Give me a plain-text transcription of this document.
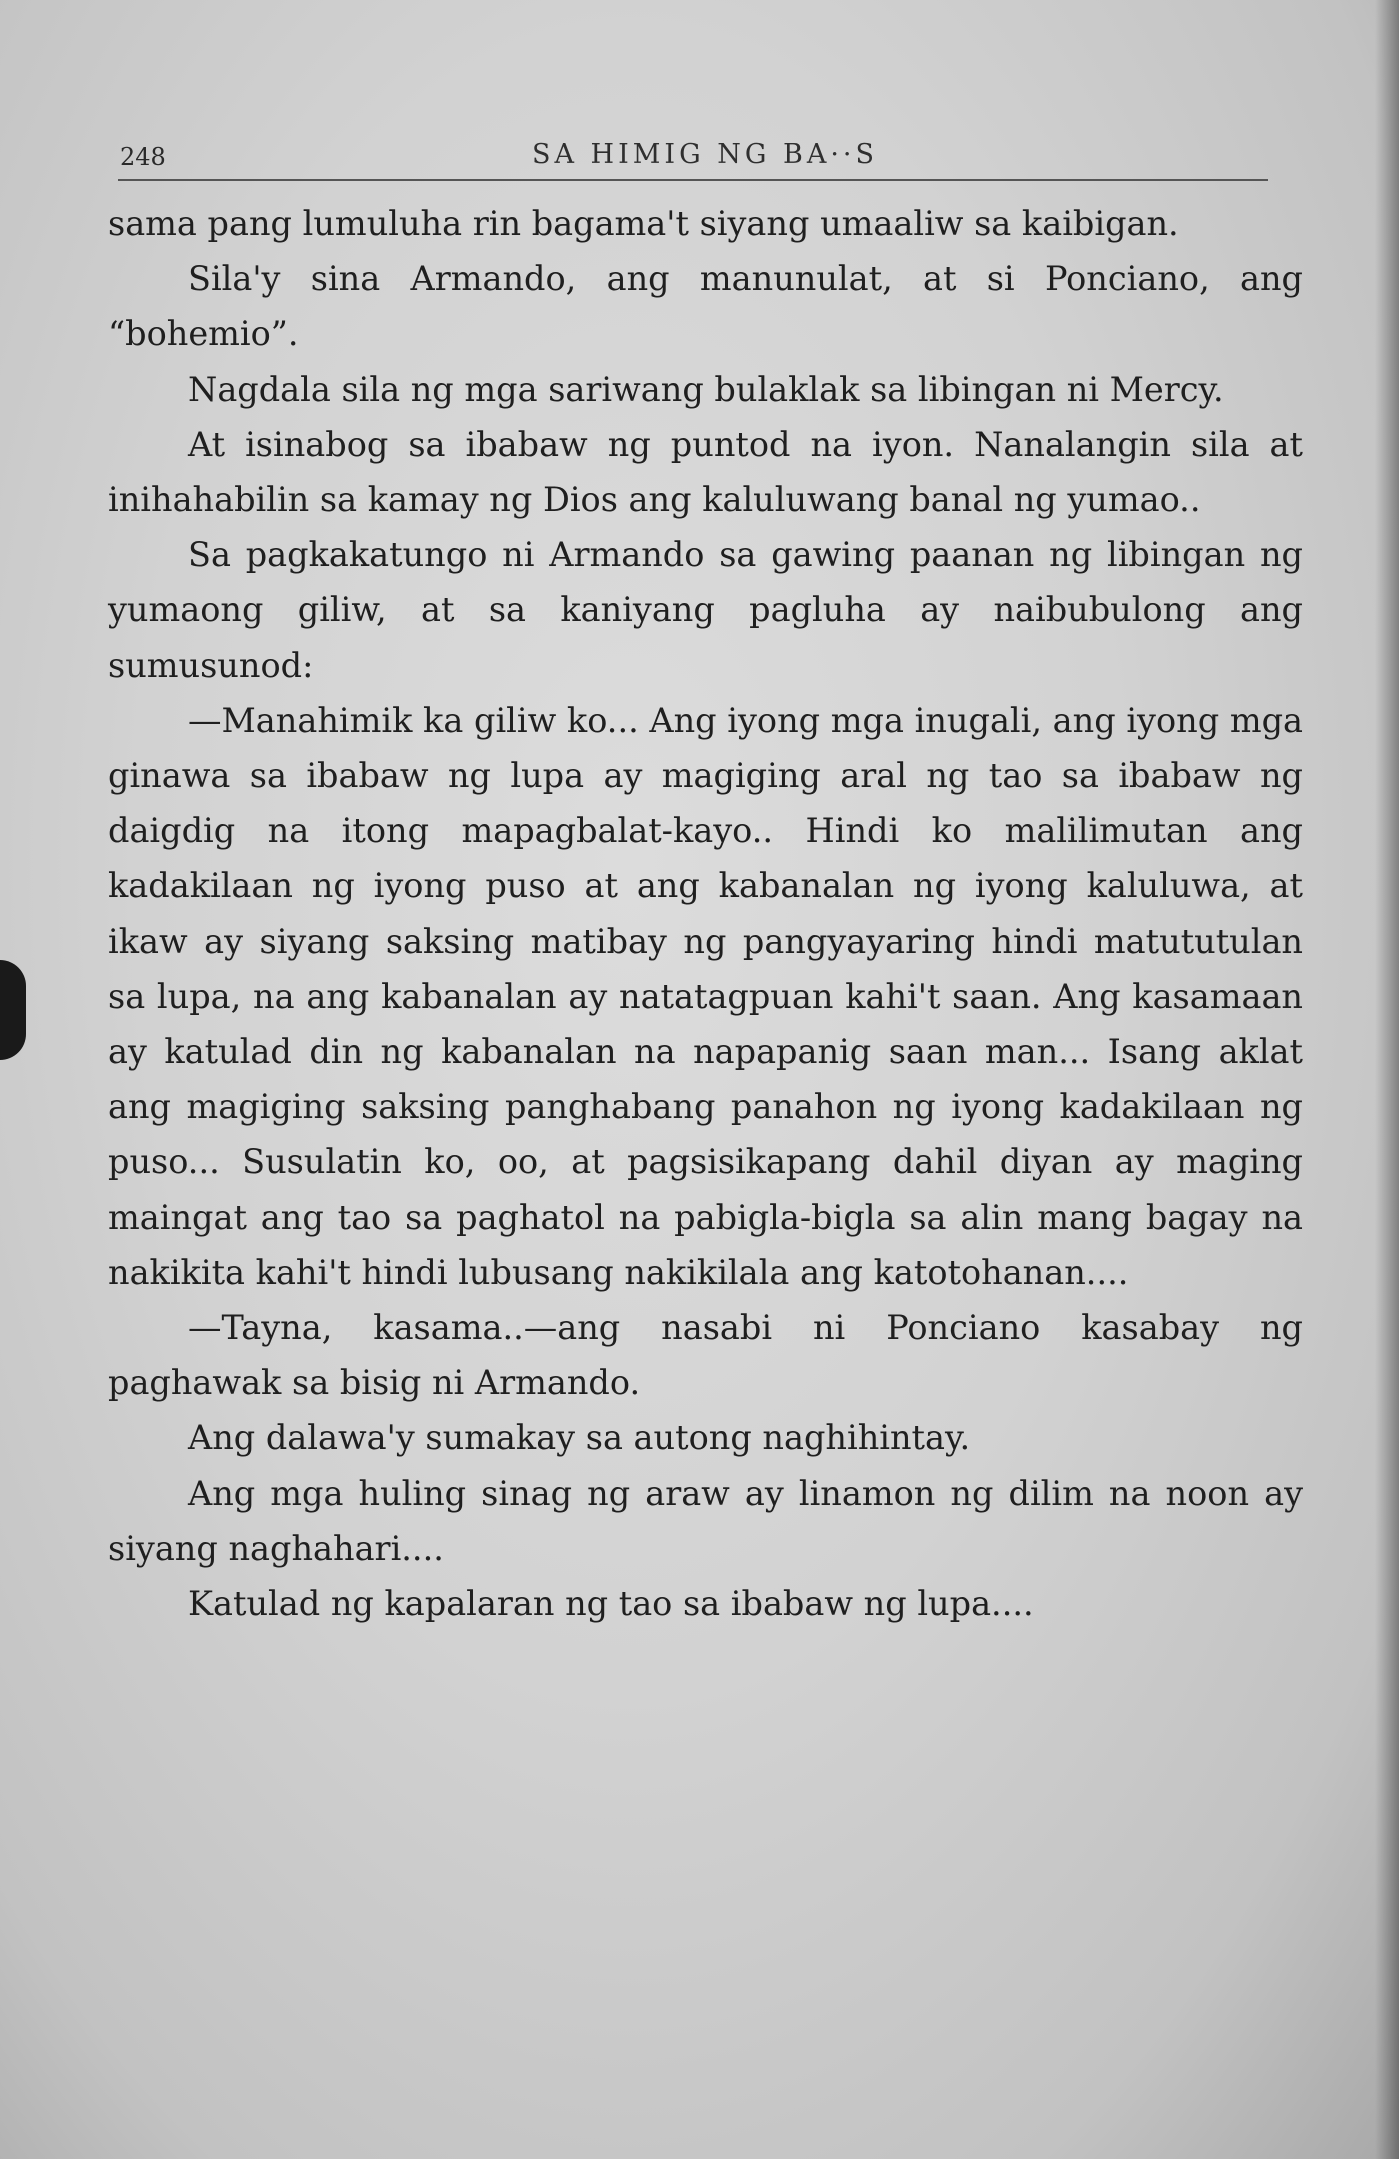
248	SA HIMIG NG BA··S

sama pang lumuluha rin bagama't siyang umaaliw sa kaibigan.

Sila'y sina Armando, ang manunulat, at si Ponciano, ang “bohemio”.

Nagdala sila ng mga sariwang bulaklak sa libingan ni Mercy.

At isinabog sa ibabaw ng puntod na iyon. Nanalangin sila at inihahabilin sa kamay ng Dios ang kaluluwang banal ng yumao..

Sa pagkakatungo ni Armando sa gawing paanan ng libingan ng yumaong giliw, at sa kaniyang pagluha ay naibubulong ang sumusunod:

—Manahimik ka giliw ko... Ang iyong mga inugali, ang iyong mga ginawa sa ibabaw ng lupa ay magiging aral ng tao sa ibabaw ng daigdig na itong mapagbalat-kayo.. Hindi ko malilimutan ang kadakilaan ng iyong puso at ang kabanalan ng iyong kaluluwa, at ikaw ay siyang saksing matibay ng pangyayaring hindi matututulan sa lupa, na ang kabanalan ay natatagpuan kahi't saan. Ang kasamaan ay katulad din ng kabanalan na napapanig saan man... Isang aklat ang magiging saksing panghabang panahon ng iyong kadakilaan ng puso... Susulatin ko, oo, at pagsisikapang dahil diyan ay maging maingat ang tao sa paghatol na pabigla-bigla sa alin mang bagay na nakikita kahi't hindi lubusang nakikilala ang katotohanan....

—Tayna, kasama..—ang nasabi ni Ponciano kasabay ng paghawak sa bisig ni Armando.

Ang dalawa'y sumakay sa autong naghihintay.

Ang mga huling sinag ng araw ay linamon ng dilim na noon ay siyang naghahari....

Katulad ng kapalaran ng tao sa ibabaw ng lupa....
